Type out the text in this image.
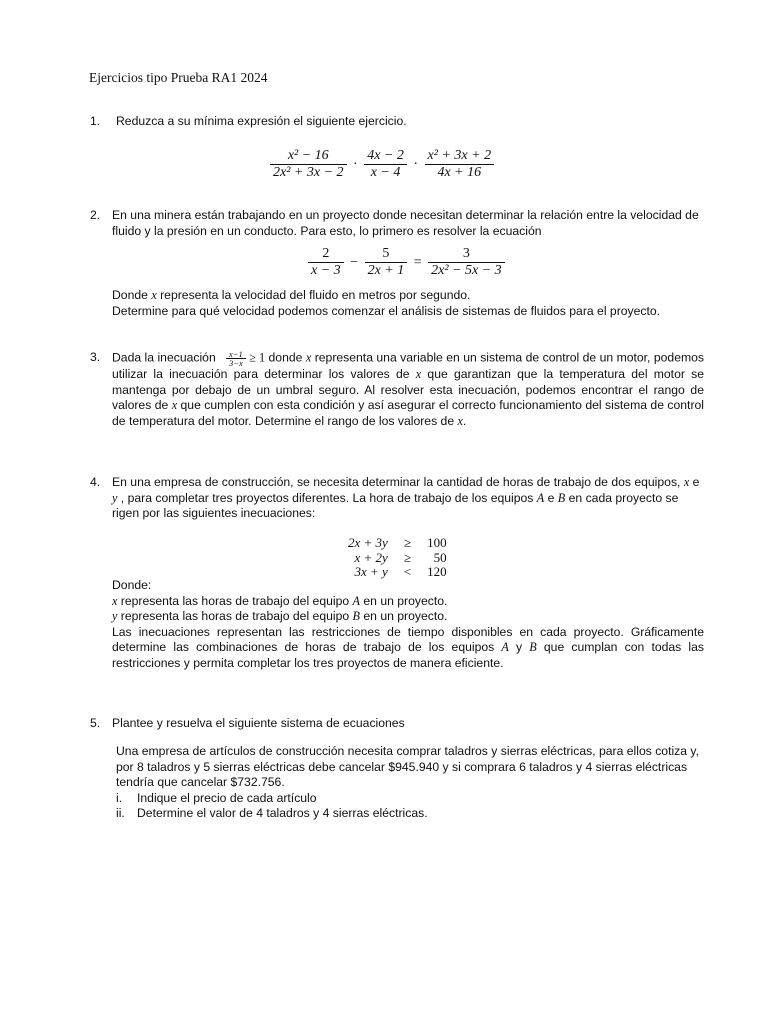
Ejercicios tipo Prueba RA1 2024
1. Reduzca a su mínima expresión el siguiente ejercicio.
$\frac{\text{x² − 16}}{\text{2x² + 3x − 2}} \cdot \frac{4x - 2}{x - 4} \cdot \frac{\text{x² + 3x + 2}}{4x + 16}$
2. En una minera están trabajando en un proyecto donde necesitan determinar la relación entre la velocidad de fluido y la presión en un conducto. Para esto, lo primero es resolver la ecuación
$\frac{2}{x - 3} - \frac{5}{2x + 1} = \frac{3}{\text{2x² − 5x − 3}}$
Donde x representa la velocidad del fluido en metros por segundo.
Determine para qué velocidad podemos comenzar el análisis de sistemas de fluidos para el proyecto.
3. Dada la inecuación $\frac{x-1}{3-x} \ge 1$ donde x representa una variable en un sistema de control de un motor, podemos utilizar la inecuación para determinar los valores de x que garantizan que la temperatura del motor se mantenga por debajo de un umbral seguro. Al resolver esta inecuación, podemos encontrar el rango de valores de x que cumplen con esta condición y así asegurar el correcto funcionamiento del sistema de control de temperatura del motor. Determine el rango de los valores de x.
4. En una empresa de construcción, se necesita determinar la cantidad de horas de trabajo de dos equipos, x e y , para completar tres proyectos diferentes. La hora de trabajo de los equipos A e B en cada proyecto se rigen por las siguientes inecuaciones:
2x + 3y	≥	100
x + 2y	≥	50
3x + y	<	120
Donde:
x representa las horas de trabajo del equipo A en un proyecto.
y representa las horas de trabajo del equipo B en un proyecto.
Las inecuaciones representan las restricciones de tiempo disponibles en cada proyecto. Gráficamente determine las combinaciones de horas de trabajo de los equipos A y B que cumplan con todas las restricciones y permita completar los tres proyectos de manera eficiente.
5. Plantee y resuelva el siguiente sistema de ecuaciones
Una empresa de artículos de construcción necesita comprar taladros y sierras eléctricas, para ellos cotiza y, por 8 taladros y 5 sierras eléctricas debe cancelar $945.940 y si comprara 6 taladros y 4 sierras eléctricas tendría que cancelar $732.756.
i. Indique el precio de cada artículo
ii. Determine el valor de 4 taladros y 4 sierras eléctricas.
